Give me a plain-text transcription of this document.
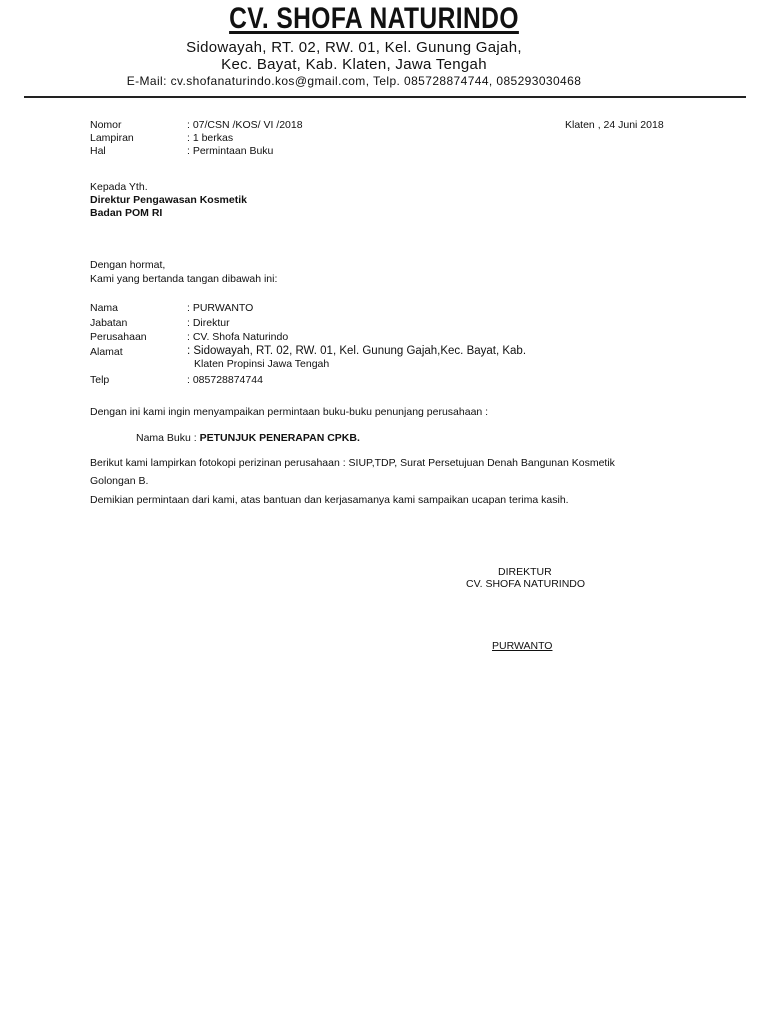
CV. SHOFA NATURINDO
Sidowayah, RT. 02, RW. 01, Kel. Gunung Gajah,
Kec. Bayat, Kab. Klaten, Jawa Tengah
E-Mail: cv.shofanaturindo.kos@gmail.com, Telp. 085728874744, 085293030468
Nomor	: 07/CSN /KOS/ VI /2018	Klaten , 24 Juni 2018
Lampiran	: 1 berkas
Hal	: Permintaan Buku
Kepada Yth.
Direktur Pengawasan Kosmetik
Badan POM RI
Dengan hormat,
Kami yang bertanda tangan dibawah ini:
Nama	: PURWANTO
Jabatan	: Direktur
Perusahaan	: CV. Shofa Naturindo
Alamat	: Sidowayah, RT. 02, RW. 01, Kel. Gunung Gajah,Kec. Bayat, Kab.
Klaten Propinsi Jawa Tengah
Telp	: 085728874744
Dengan ini kami ingin menyampaikan permintaan buku-buku penunjang perusahaan :
Nama Buku : PETUNJUK PENERAPAN CPKB.
Berikut kami lampirkan fotokopi perizinan perusahaan : SIUP,TDP, Surat Persetujuan Denah Bangunan Kosmetik
Golongan B.
Demikian permintaan dari kami, atas bantuan dan kerjasamanya kami sampaikan ucapan terima kasih.
DIREKTUR
CV. SHOFA NATURINDO
PURWANTO
